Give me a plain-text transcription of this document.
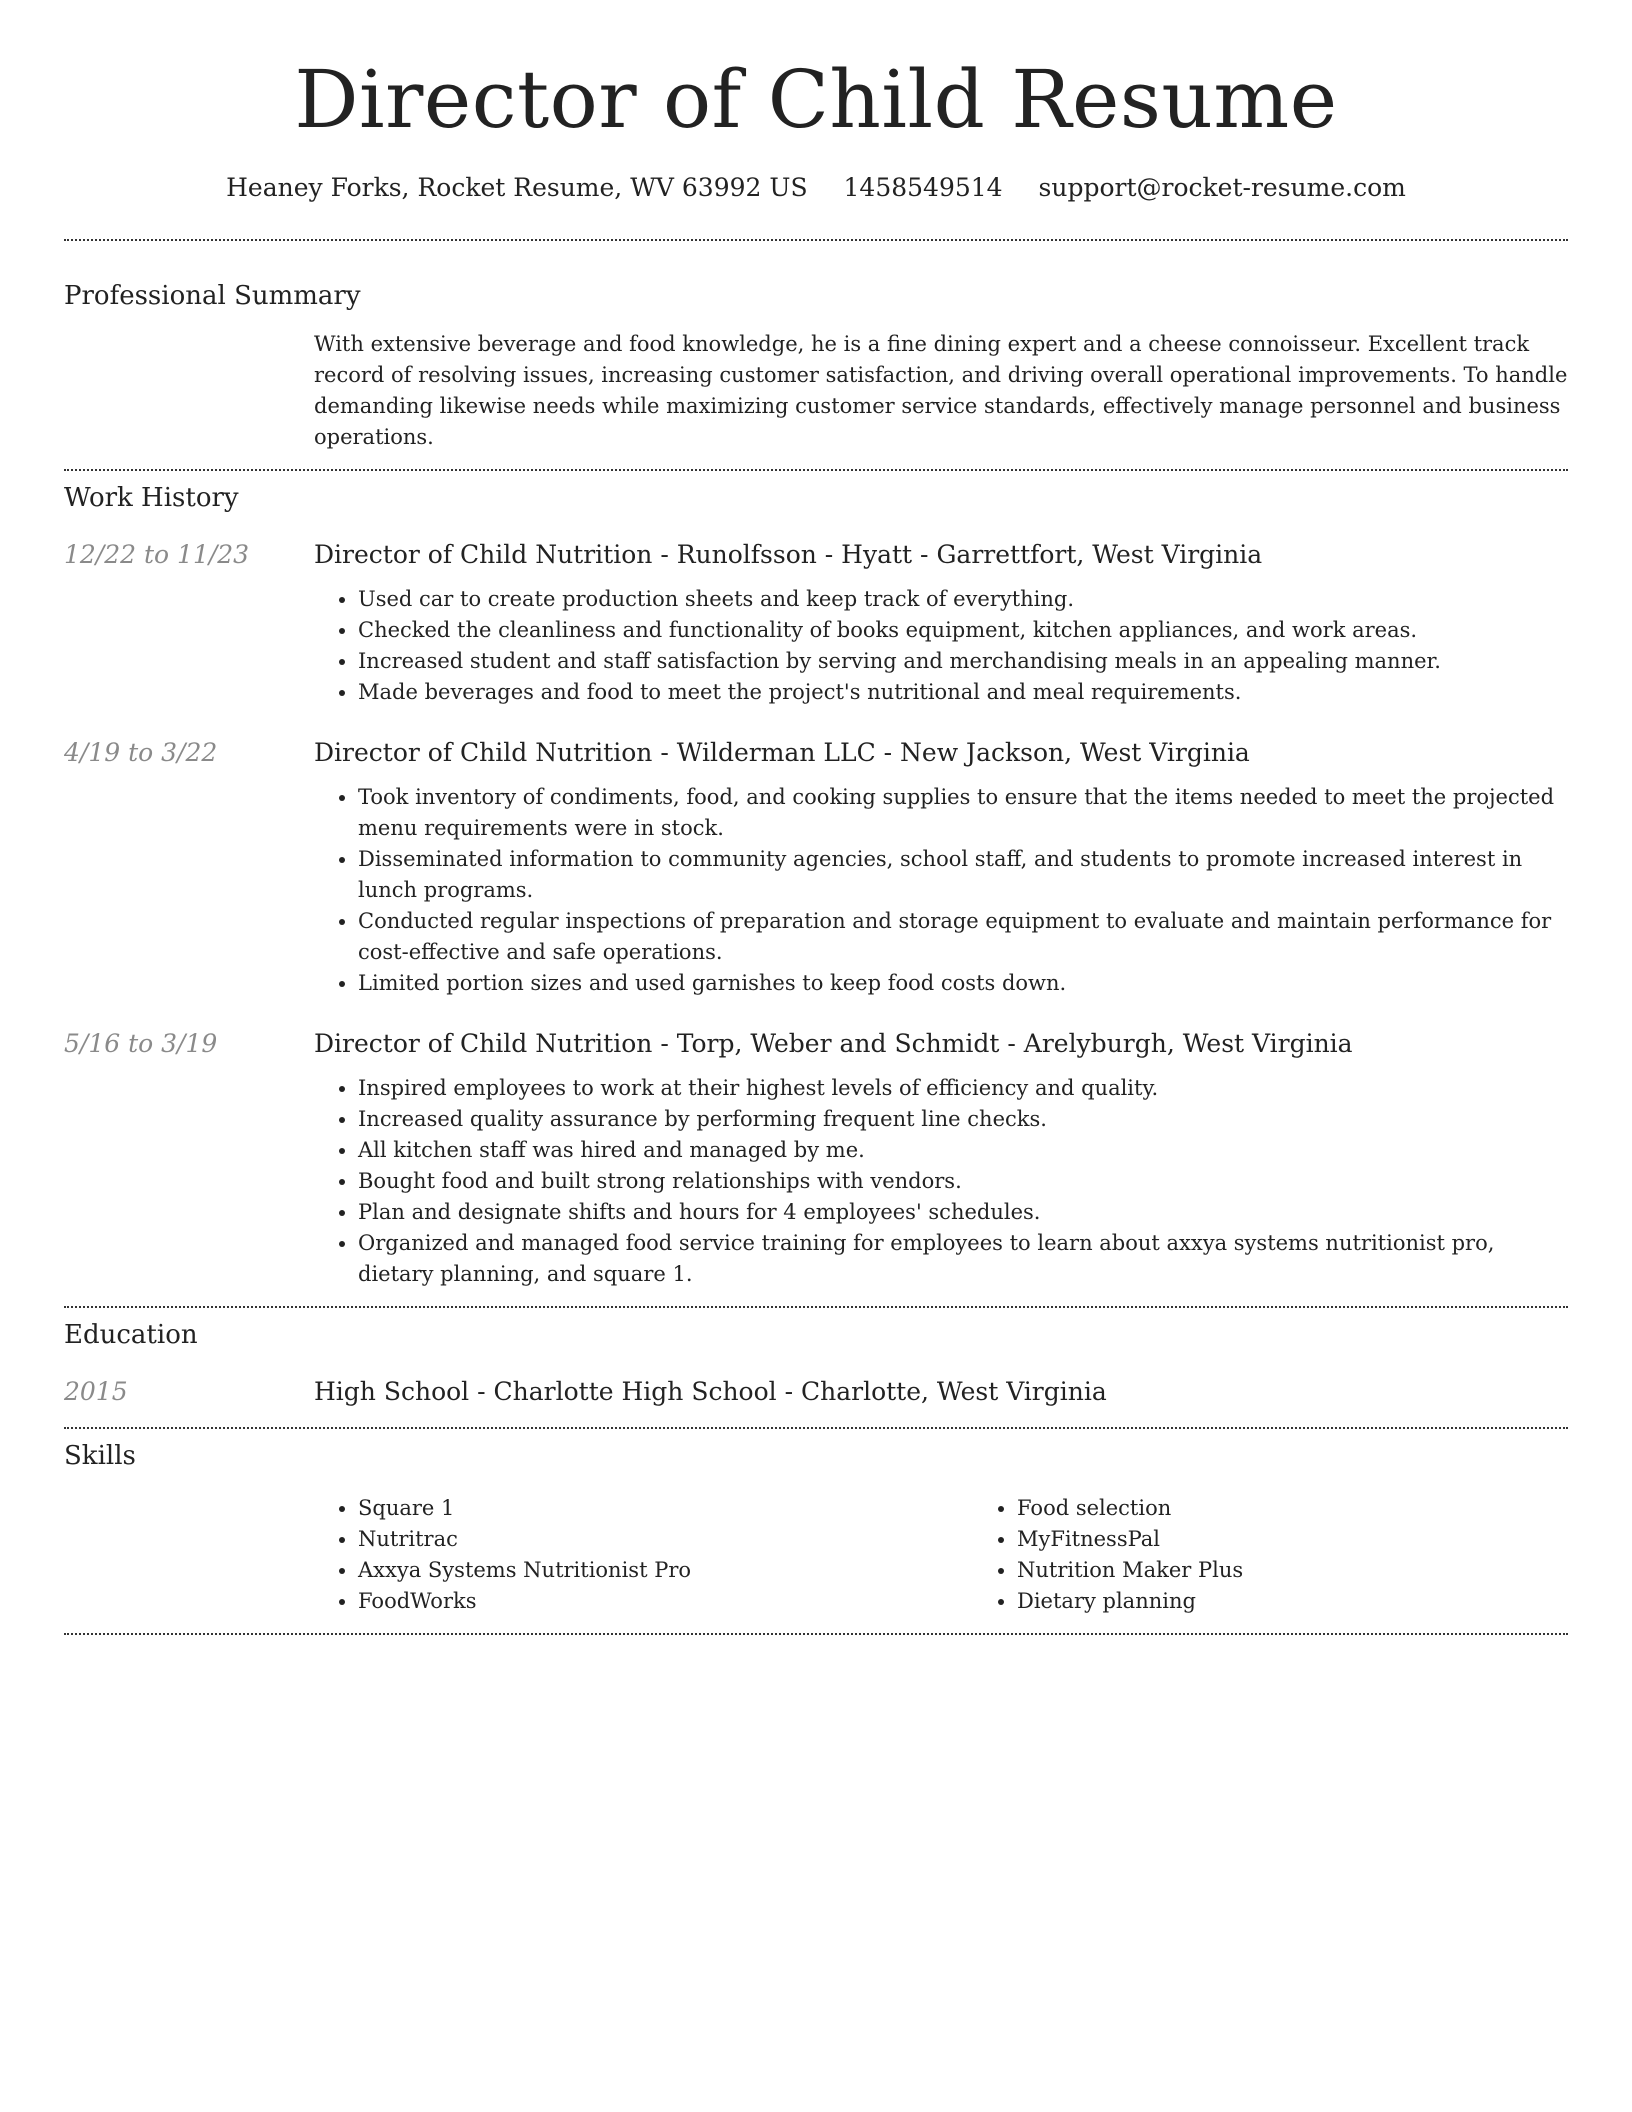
Director of Child Resume
Heaney Forks, Rocket Resume, WV 63992 US 1458549514 support@rocket-resume.com
Professional Summary

With extensive beverage and food knowledge, he is a fine dining expert and a cheese connoisseur. Excellent track record of resolving issues, increasing customer satisfaction, and driving overall operational improvements. To handle demanding likewise needs while maximizing customer service standards, effectively manage personnel and business operations.

Work History
12/22 to 11/23	Director of Child Nutrition - Runolfsson - Hyatt - Garrettfort, West Virginia
• Used car to create production sheets and keep track of everything.
• Checked the cleanliness and functionality of books equipment, kitchen appliances, and work areas.
• Increased student and staff satisfaction by serving and merchandising meals in an appealing manner.
• Made beverages and food to meet the project's nutritional and meal requirements.
4/19 to 3/22	Director of Child Nutrition - Wilderman LLC - New Jackson, West Virginia
• Took inventory of condiments, food, and cooking supplies to ensure that the items needed to meet the projected menu requirements were in stock.
• Disseminated information to community agencies, school staff, and students to promote increased interest in lunch programs.
• Conducted regular inspections of preparation and storage equipment to evaluate and maintain performance for cost-effective and safe operations.
• Limited portion sizes and used garnishes to keep food costs down.
5/16 to 3/19	Director of Child Nutrition - Torp, Weber and Schmidt - Arelyburgh, West Virginia
• Inspired employees to work at their highest levels of efficiency and quality.
• Increased quality assurance by performing frequent line checks.
• All kitchen staff was hired and managed by me.
• Bought food and built strong relationships with vendors.
• Plan and designate shifts and hours for 4 employees' schedules.
• Organized and managed food service training for employees to learn about axxya systems nutritionist pro, dietary planning, and square 1.
Education
2015	High School - Charlotte High School - Charlotte, West Virginia
Skills
• Square 1
• Nutritrac
• Axxya Systems Nutritionist Pro
• FoodWorks
• Food selection
• MyFitnessPal
• Nutrition Maker Plus
• Dietary planning
